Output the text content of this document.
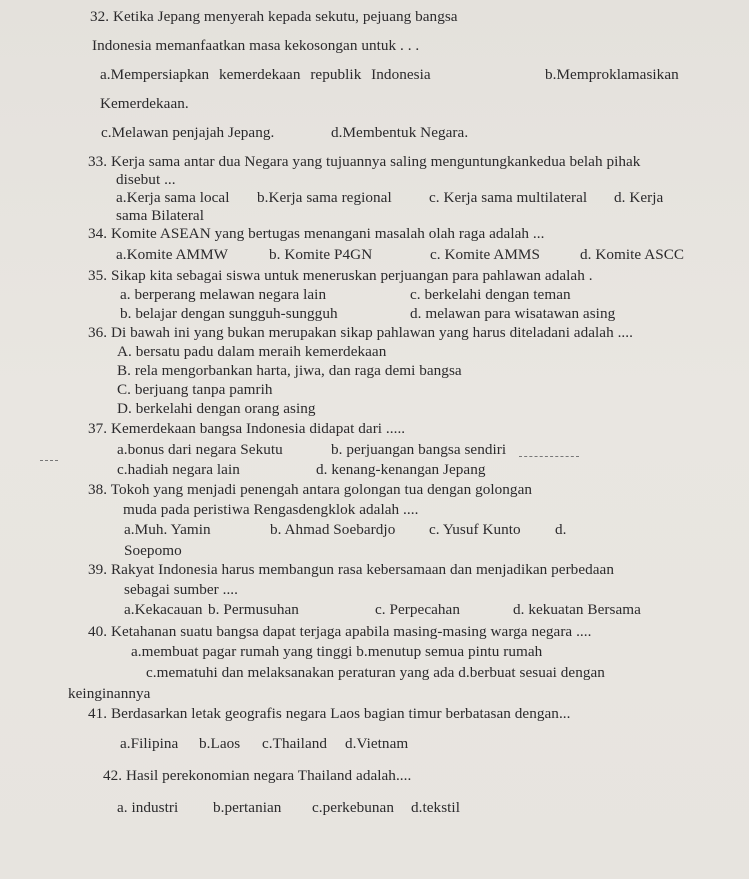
32. Ketika Jepang menyerah kepada sekutu, pejuang bangsa
Indonesia memanfaatkan masa kekosongan untuk . . .
a.Mempersiapkan kemerdekaan republik Indonesia	b.Memproklamasikan
Kemerdekaan.
c.Melawan penjajah Jepang.	d.Membentuk Negara.
33. Kerja sama antar dua Negara yang tujuannya saling menguntungkankedua belah pihak
disebut ...
a.Kerja sama local b.Kerja sama regional c. Kerja sama multilateral d. Kerja
sama Bilateral
34. Komite ASEAN yang bertugas menangani masalah olah raga adalah ...
a.Komite AMMW	b. Komite P4GN	c. Komite AMMS	d. Komite ASCC
35. Sikap kita sebagai siswa untuk meneruskan perjuangan para pahlawan adalah .
a. berperang melawan negara lain	c. berkelahi dengan teman
b. belajar dengan sungguh-sungguh	d. melawan para wisatawan asing
36. Di bawah ini yang bukan merupakan sikap pahlawan yang harus diteladani adalah ....
A. bersatu padu dalam meraih kemerdekaan
B. rela mengorbankan harta, jiwa, dan raga demi bangsa
C. berjuang tanpa pamrih
D. berkelahi dengan orang asing
37. Kemerdekaan bangsa Indonesia didapat dari .....
a.bonus dari negara Sekutu	b. perjuangan bangsa sendiri
c.hadiah negara lain	d. kenang-kenangan Jepang
38. Tokoh yang menjadi penengah antara golongan tua dengan golongan
muda pada peristiwa Rengasdengklok adalah ....
a.Muh. Yamin	b. Ahmad Soebardjo c. Yusuf Kunto d.
Soepomo
39. Rakyat Indonesia harus membangun rasa kebersamaan dan menjadikan perbedaan
sebagai sumber ....
a.Kekacauan b. Permusuhan	c. Perpecahan	d. kekuatan Bersama
40. Ketahanan suatu bangsa dapat terjaga apabila masing-masing warga negara ....
a.membuat pagar rumah yang tinggi b.menutup semua pintu rumah
c.mematuhi dan melaksanakan peraturan yang ada d.berbuat sesuai dengan
keinginannya
41. Berdasarkan letak geografis negara Laos bagian timur berbatasan dengan...
a.Filipina b.Laos c.Thailand d.Vietnam
42. Hasil perekonomian negara Thailand adalah....
a. industri b.pertanian c.perkebunan d.tekstil
